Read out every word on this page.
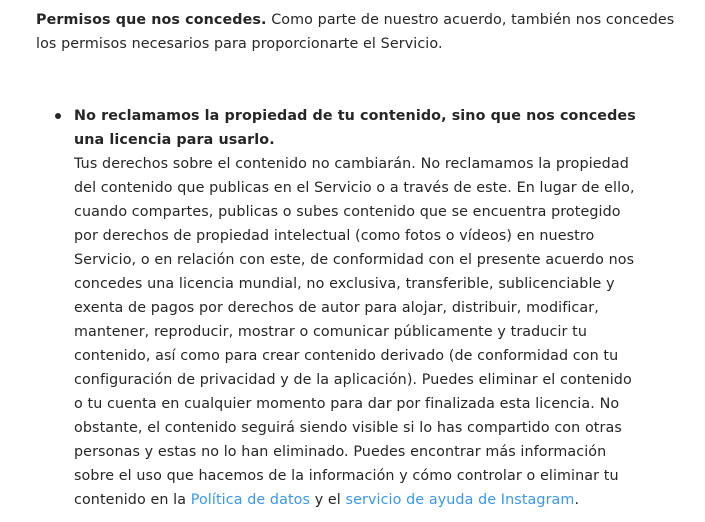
Permisos que nos concedes. Como parte de nuestro acuerdo, también nos concedes los permisos necesarios para proporcionarte el Servicio.

No reclamamos la propiedad de tu contenido, sino que nos concedes una licencia para usarlo.
Tus derechos sobre el contenido no cambiarán. No reclamamos la propiedad del contenido que publicas en el Servicio o a través de este. En lugar de ello, cuando compartes, publicas o subes contenido que se encuentra protegido por derechos de propiedad intelectual (como fotos o vídeos) en nuestro Servicio, o en relación con este, de conformidad con el presente acuerdo nos concedes una licencia mundial, no exclusiva, transferible, sublicenciable y exenta de pagos por derechos de autor para alojar, distribuir, modificar, mantener, reproducir, mostrar o comunicar públicamente y traducir tu contenido, así como para crear contenido derivado (de conformidad con tu configuración de privacidad y de la aplicación). Puedes eliminar el contenido o tu cuenta en cualquier momento para dar por finalizada esta licencia. No obstante, el contenido seguirá siendo visible si lo has compartido con otras personas y estas no lo han eliminado. Puedes encontrar más información sobre el uso que hacemos de la información y cómo controlar o eliminar tu contenido en la Política de datos y el servicio de ayuda de Instagram.
